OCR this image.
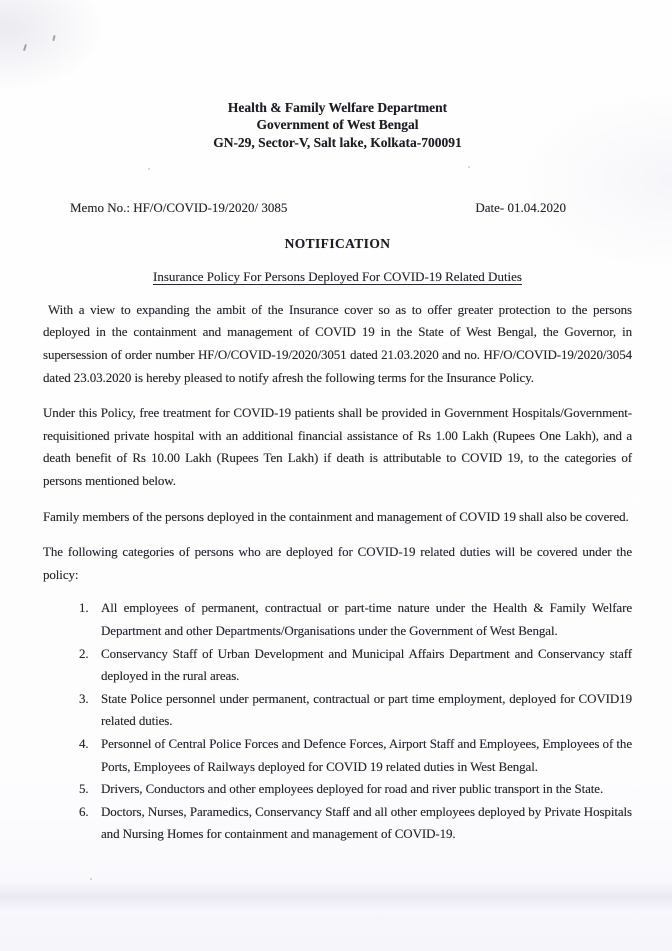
Health & Family Welfare Department
Government of West Bengal
GN-29, Sector-V, Salt lake, Kolkata-700091
Memo No.: HF/O/COVID-19/2020/ 3085	Date- 01.04.2020
NOTIFICATION
Insurance Policy For Persons Deployed For COVID-19 Related Duties

With a view to expanding the ambit of the Insurance cover so as to offer greater protection to the persons deployed in the containment and management of COVID 19 in the State of West Bengal, the Governor, in supersession of order number HF/O/COVID-19/2020/3051 dated 21.03.2020 and no. HF/O/COVID-19/2020/3054 dated 23.03.2020 is hereby pleased to notify afresh the following terms for the Insurance Policy.

Under this Policy, free treatment for COVID-19 patients shall be provided in Government Hospitals/Government-requisitioned private hospital with an additional financial assistance of Rs 1.00 Lakh (Rupees One Lakh), and a death benefit of Rs 10.00 Lakh (Rupees Ten Lakh) if death is attributable to COVID 19, to the categories of persons mentioned below.

Family members of the persons deployed in the containment and management of COVID 19 shall also be covered.

The following categories of persons who are deployed for COVID-19 related duties will be covered under the policy:

1. All employees of permanent, contractual or part-time nature under the Health & Family Welfare Department and other Departments/Organisations under the Government of West Bengal.
2. Conservancy Staff of Urban Development and Municipal Affairs Department and Conservancy staff deployed in the rural areas.
3. State Police personnel under permanent, contractual or part time employment, deployed for COVID19 related duties.
4. Personnel of Central Police Forces and Defence Forces, Airport Staff and Employees, Employees of the Ports, Employees of Railways deployed for COVID 19 related duties in West Bengal.
5. Drivers, Conductors and other employees deployed for road and river public transport in the State.
6. Doctors, Nurses, Paramedics, Conservancy Staff and all other employees deployed by Private Hospitals and Nursing Homes for containment and management of COVID-19.
